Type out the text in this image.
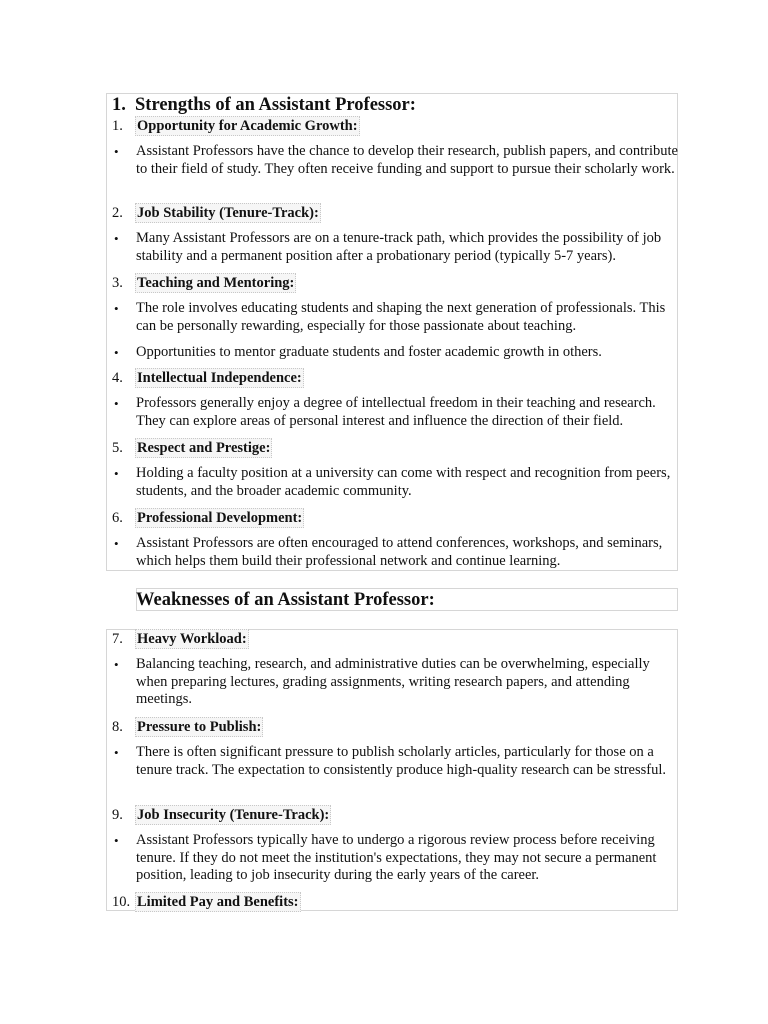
1. Strengths of an Assistant Professor:
1. Opportunity for Academic Growth:
• Assistant Professors have the chance to develop their research, publish papers, and contribute to their field of study. They often receive funding and support to pursue their scholarly work.
2. Job Stability (Tenure-Track):
• Many Assistant Professors are on a tenure-track path, which provides the possibility of job stability and a permanent position after a probationary period (typically 5-7 years).
3. Teaching and Mentoring:
• The role involves educating students and shaping the next generation of professionals. This can be personally rewarding, especially for those passionate about teaching.
• Opportunities to mentor graduate students and foster academic growth in others.
4. Intellectual Independence:
• Professors generally enjoy a degree of intellectual freedom in their teaching and research. They can explore areas of personal interest and influence the direction of their field.
5. Respect and Prestige:
• Holding a faculty position at a university can come with respect and recognition from peers, students, and the broader academic community.
6. Professional Development:
• Assistant Professors are often encouraged to attend conferences, workshops, and seminars, which helps them build their professional network and continue learning.
Weaknesses of an Assistant Professor:
7. Heavy Workload:
• Balancing teaching, research, and administrative duties can be overwhelming, especially when preparing lectures, grading assignments, writing research papers, and attending meetings.
8. Pressure to Publish:
• There is often significant pressure to publish scholarly articles, particularly for those on a tenure track. The expectation to consistently produce high-quality research can be stressful.
9. Job Insecurity (Tenure-Track):
• Assistant Professors typically have to undergo a rigorous review process before receiving tenure. If they do not meet the institution's expectations, they may not secure a permanent position, leading to job insecurity during the early years of the career.
10. Limited Pay and Benefits:
